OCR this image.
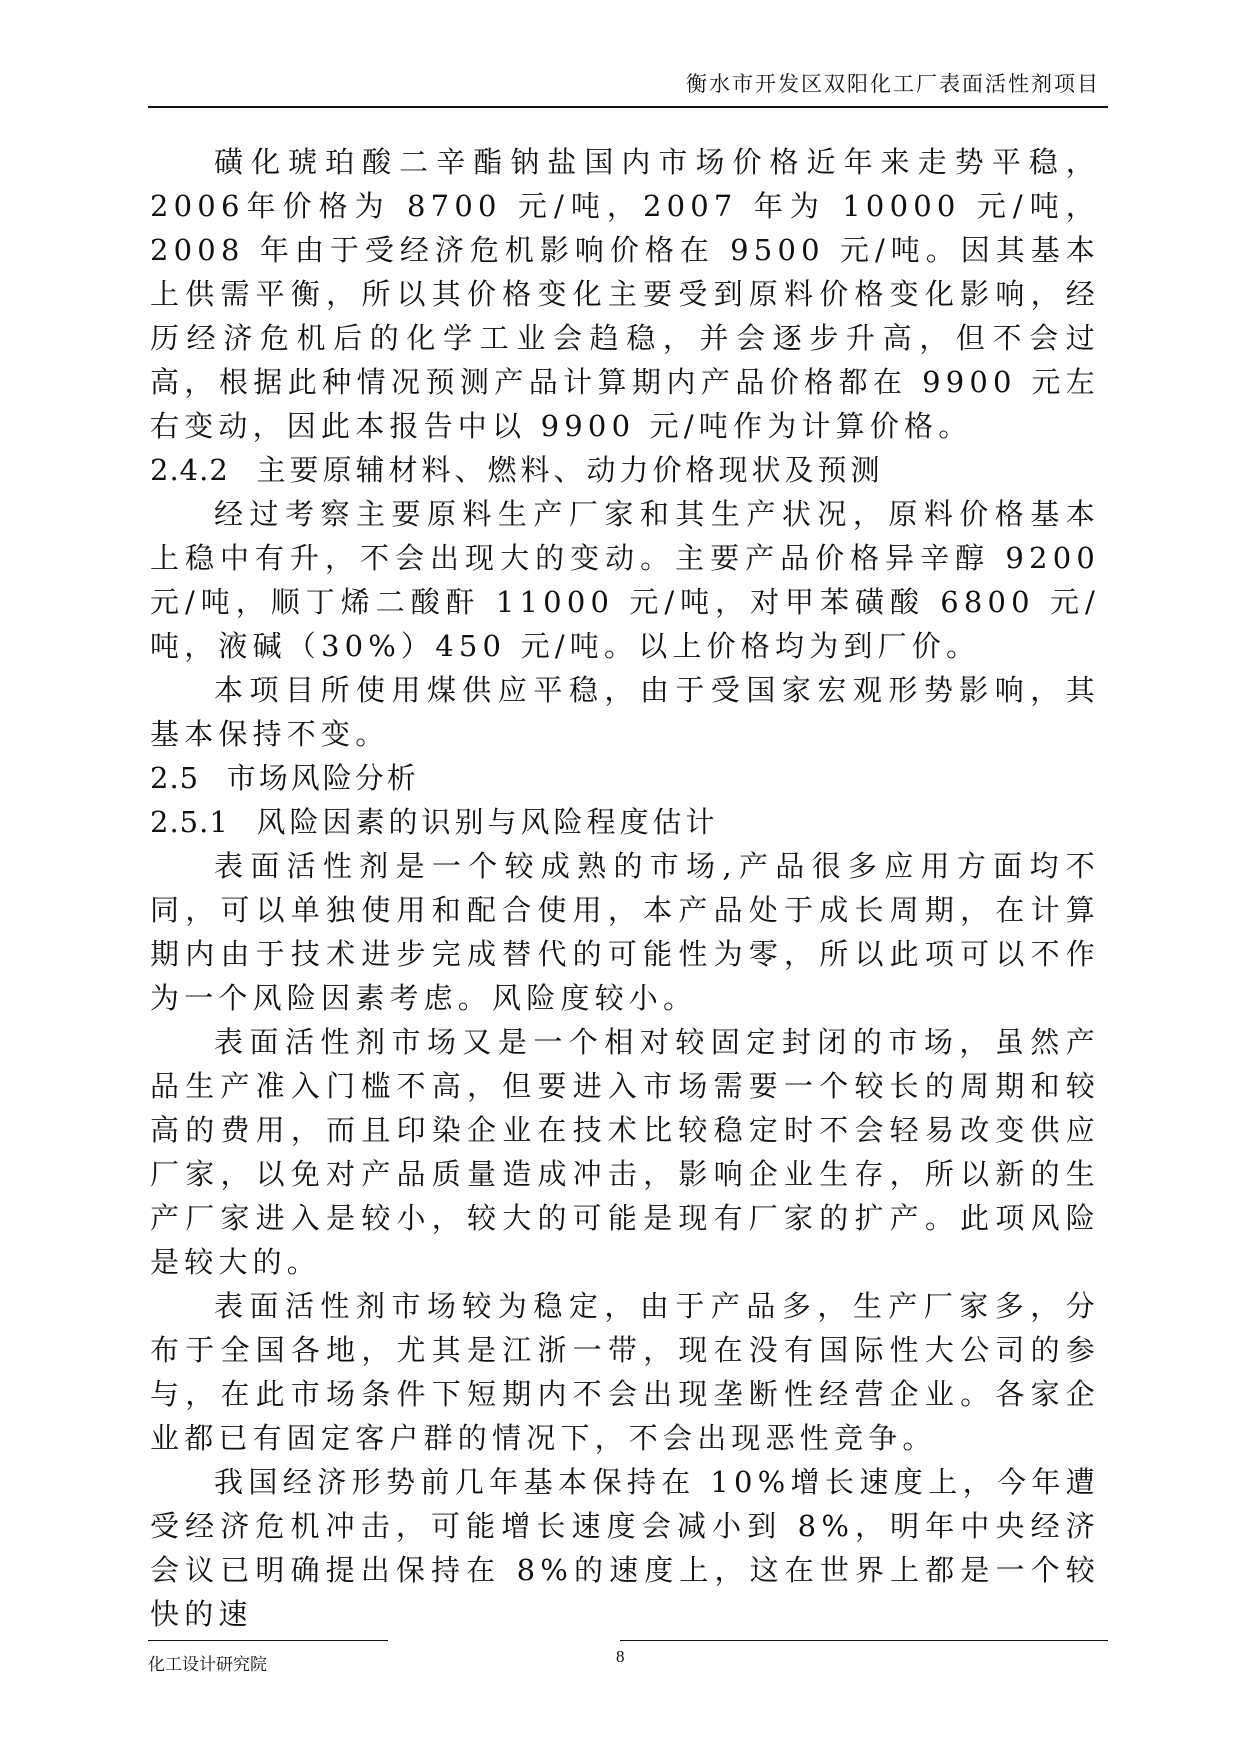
衡水市开发区双阳化工厂表面活性剂项目

磺化琥珀酸二辛酯钠盐国内市场价格近年来走势平稳，2006年价格为 8700 元/吨，2007 年为 10000 元/吨，2008 年由于受经济危机影响价格在 9500 元/吨。因其基本上供需平衡，所以其价格变化主要受到原料价格变化影响，经历经济危机后的化学工业会趋稳，并会逐步升高，但不会过高，根据此种情况预测产品计算期内产品价格都在 9900 元左右变动，因此本报告中以 9900 元/吨作为计算价格。

2.4.2 主要原辅材料、燃料、动力价格现状及预测

经过考察主要原料生产厂家和其生产状况，原料价格基本上稳中有升，不会出现大的变动。主要产品价格异辛醇 9200 元/吨，顺丁烯二酸酐 11000 元/吨，对甲苯磺酸 6800 元/吨，液碱（30%）450 元/吨。以上价格均为到厂价。

本项目所使用煤供应平稳，由于受国家宏观形势影响，其基本保持不变。

2.5 市场风险分析

2.5.1 风险因素的识别与风险程度估计

表面活性剂是一个较成熟的市场,产品很多应用方面均不同，可以单独使用和配合使用，本产品处于成长周期，在计算期内由于技术进步完成替代的可能性为零，所以此项可以不作为一个风险因素考虑。风险度较小。

表面活性剂市场又是一个相对较固定封闭的市场，虽然产品生产准入门槛不高，但要进入市场需要一个较长的周期和较高的费用，而且印染企业在技术比较稳定时不会轻易改变供应厂家，以免对产品质量造成冲击，影响企业生存，所以新的生产厂家进入是较小，较大的可能是现有厂家的扩产。此项风险是较大的。

表面活性剂市场较为稳定，由于产品多，生产厂家多，分布于全国各地，尤其是江浙一带，现在没有国际性大公司的参与，在此市场条件下短期内不会出现垄断性经营企业。各家企业都已有固定客户群的情况下，不会出现恶性竞争。

我国经济形势前几年基本保持在 10%增长速度上，今年遭受经济危机冲击，可能增长速度会减小到 8%，明年中央经济会议已明确提出保持在 8%的速度上，这在世界上都是一个较快的速

化工设计研究院	8
